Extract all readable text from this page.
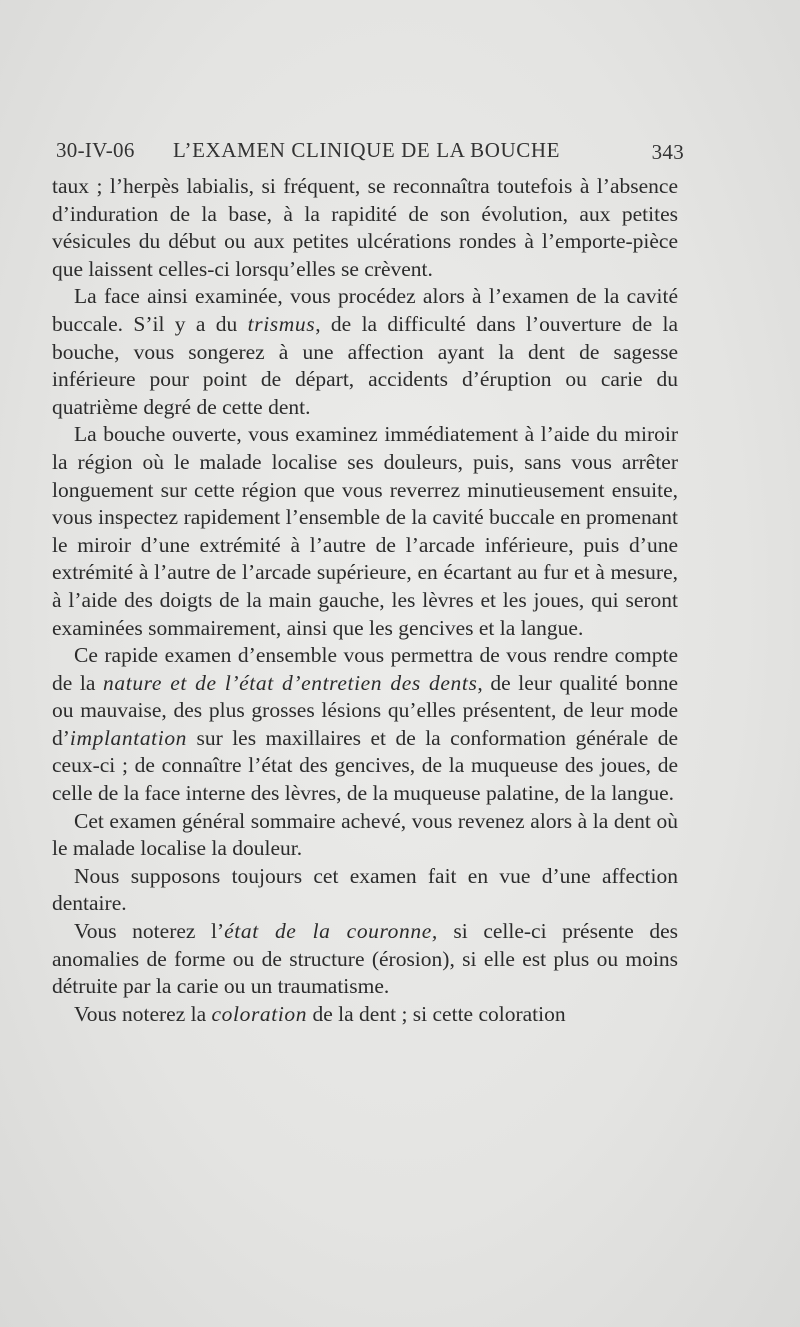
30-IV-06 L’EXAMEN CLINIQUE DE LA BOUCHE	343

taux ; l’herpès labialis, si fréquent, se reconnaîtra toutefois à l’absence d’induration de la base, à la rapidité de son évolution, aux petites vésicules du début ou aux petites ulcérations rondes à l’emporte-pièce que laissent celles-ci lorsqu’elles se crèvent.

La face ainsi examinée, vous procédez alors à l’examen de la cavité buccale. S’il y a du trismus, de la difficulté dans l’ouverture de la bouche, vous songerez à une affection ayant la dent de sagesse inférieure pour point de départ, accidents d’éruption ou carie du quatrième degré de cette dent.

La bouche ouverte, vous examinez immédiatement à l’aide du miroir la région où le malade localise ses douleurs, puis, sans vous arrêter longuement sur cette région que vous reverrez minutieusement ensuite, vous inspectez rapidement l’ensemble de la cavité buccale en promenant le miroir d’une extrémité à l’autre de l’arcade inférieure, puis d’une extrémité à l’autre de l’arcade supérieure, en écartant au fur et à mesure, à l’aide des doigts de la main gauche, les lèvres et les joues, qui seront examinées sommairement, ainsi que les gencives et la langue.

Ce rapide examen d’ensemble vous permettra de vous rendre compte de la nature et de l’état d’entretien des dents, de leur qualité bonne ou mauvaise, des plus grosses lésions qu’elles présentent, de leur mode d’implantation sur les maxillaires et de la conformation générale de ceux-ci ; de connaître l’état des gencives, de la muqueuse des joues, de celle de la face interne des lèvres, de la muqueuse palatine, de la langue.

Cet examen général sommaire achevé, vous revenez alors à la dent où le malade localise la douleur.

Nous supposons toujours cet examen fait en vue d’une affection dentaire.

Vous noterez l’état de la couronne, si celle-ci présente des anomalies de forme ou de structure (érosion), si elle est plus ou moins détruite par la carie ou un traumatisme.

Vous noterez la coloration de la dent ; si cette coloration
